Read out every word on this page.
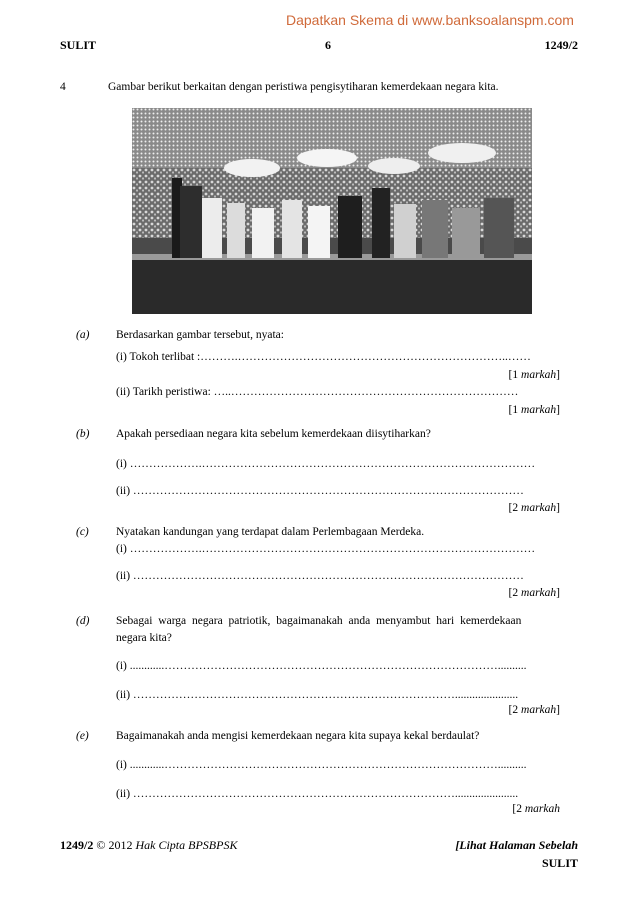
Dapatkan Skema di www.banksoalanspm.com
SULIT	6	1249/2
4	Gambar berikut berkaitan dengan peristiwa pengisytiharan kemerdekaan negara kita.
(a) Berdasarkan gambar tersebut, nyata:
(i) Tokoh terlibat :……….……………………………………………………………..……
[1 markah]
(ii) Tarikh peristiwa: …..…………………………………………………………………
[1 markah]
(b) Apakah persediaan negara kita sebelum kemerdekaan diisytiharkan?
(i) ……………….……………………………………………………………………………
(ii) …………………………………………………………………………………………
[2 markah]
(c) Nyatakan kandungan yang terdapat dalam Perlembagaan Merdeka.
(i) ……………….……………………………………………………………………………
(ii) …………………………………………………………………………………………
[2 markah]
(d) Sebagai warga negara patriotik, bagaimanakah anda menyambut hari kemerdekaan
negara kita?
(i) ............……………………………………………………………………………..........
(ii) …………………………………………………………………………......................
[2 markah]
(e) Bagaimanakah anda mengisi kemerdekaan negara kita supaya kekal berdaulat?
(i) ............……………………………………………………………………………..........
(ii) …………………………………………………………………………......................
[2 markah
1249/2 © 2012 Hak Cipta BPSBPSK	[Lihat Halaman Sebelah
SULIT
